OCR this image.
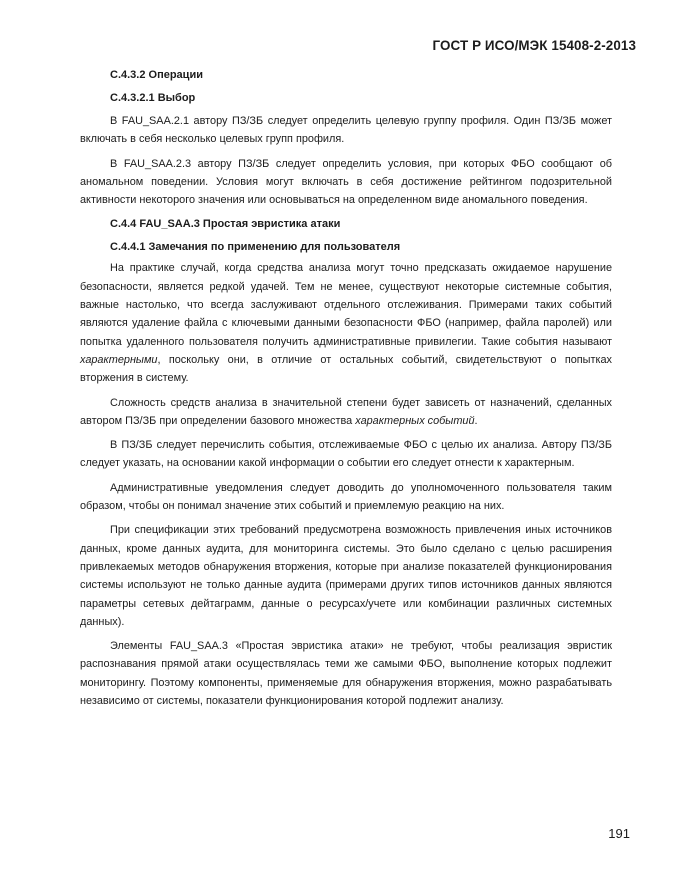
ГОСТ Р ИСО/МЭК 15408-2-2013

C.4.3.2 Операции

C.4.3.2.1 Выбор

В FAU_SAA.2.1 автору ПЗ/ЗБ следует определить целевую группу профиля. Один ПЗ/ЗБ может включать в себя несколько целевых групп профиля.

В FAU_SAA.2.3 автору ПЗ/ЗБ следует определить условия, при которых ФБО сообщают об аномальном поведении. Условия могут включать в себя достижение рейтингом подозрительной активности некоторого значения или основываться на определенном виде аномального поведения.

C.4.4 FAU_SAA.3 Простая эвристика атаки

C.4.4.1 Замечания по применению для пользователя

На практике случай, когда средства анализа могут точно предсказать ожидаемое нарушение безопасности, является редкой удачей. Тем не менее, существуют некоторые системные события, важные настолько, что всегда заслуживают отдельного отслеживания. Примерами таких событий являются удаление файла с ключевыми данными безопасности ФБО (например, файла паролей) или попытка удаленного пользователя получить административные привилегии. Такие события называют характерными, поскольку они, в отличие от остальных событий, свидетельствуют о попытках вторжения в систему.

Сложность средств анализа в значительной степени будет зависеть от назначений, сделанных автором ПЗ/ЗБ при определении базового множества характерных событий.

В ПЗ/ЗБ следует перечислить события, отслеживаемые ФБО с целью их анализа. Автору ПЗ/ЗБ следует указать, на основании какой информации о событии его следует отнести к характерным.

Административные уведомления следует доводить до уполномоченного пользователя таким образом, чтобы он понимал значение этих событий и приемлемую реакцию на них.

При спецификации этих требований предусмотрена возможность привлечения иных источников данных, кроме данных аудита, для мониторинга системы. Это было сделано с целью расширения привлекаемых методов обнаружения вторжения, которые при анализе показателей функционирования системы используют не только данные аудита (примерами других типов источников данных являются параметры сетевых дейтаграмм, данные о ресурсах/учете или комбинации различных системных данных).

Элементы FAU_SAA.3 «Простая эвристика атаки» не требуют, чтобы реализация эвристик распознавания прямой атаки осуществлялась теми же самыми ФБО, выполнение которых подлежит мониторингу. Поэтому компоненты, применяемые для обнаружения вторжения, можно разрабатывать независимо от системы, показатели функционирования которой подлежит анализу.

191
